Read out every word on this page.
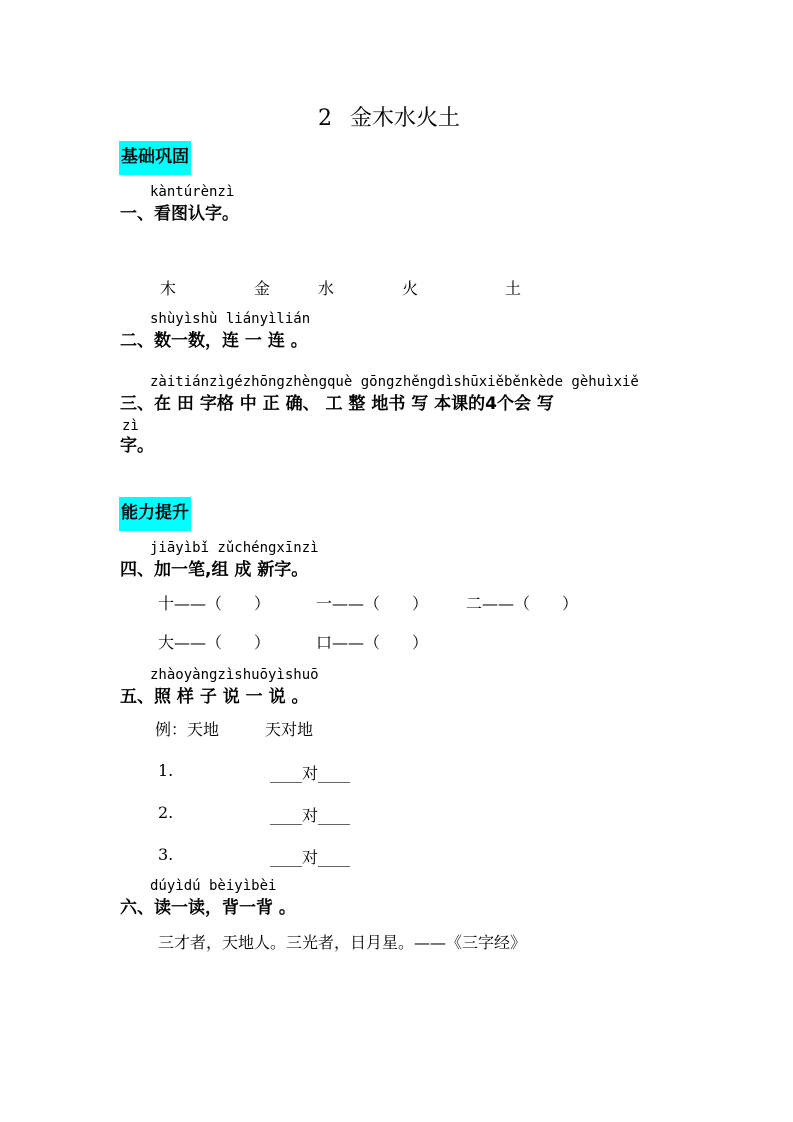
2 金木水火土
基础巩固
kàntúrènzì
一、看图认字。
木	金	水	火	土
shùyìshù liányìlián
二、数一数，连 一 连 。
zàitiánzìgézhōngzhèngquè gōngzhěngdìshūxiěběnkède gèhuìxiě
三、在 田 字格 中 正 确、 工 整 地书 写 本课的4个会 写
zì
字。
能力提升
jiāyìbǐ zǔchéngxīnzì
四、加一笔,组 成 新字。
十——（　　）	一——（　　） 二——（　　）
大——（　　）	口——（　　）
zhàoyàngzìshuōyìshuō
五、照 样 子 说 一 说 。
例：天地	天对地
1.	____对____
2.	____对____
3.	____对____
dúyìdú bèiyìbèi
六、读一读，背一背 。
三才者，天地人。三光者，日月星。——《三字经》
